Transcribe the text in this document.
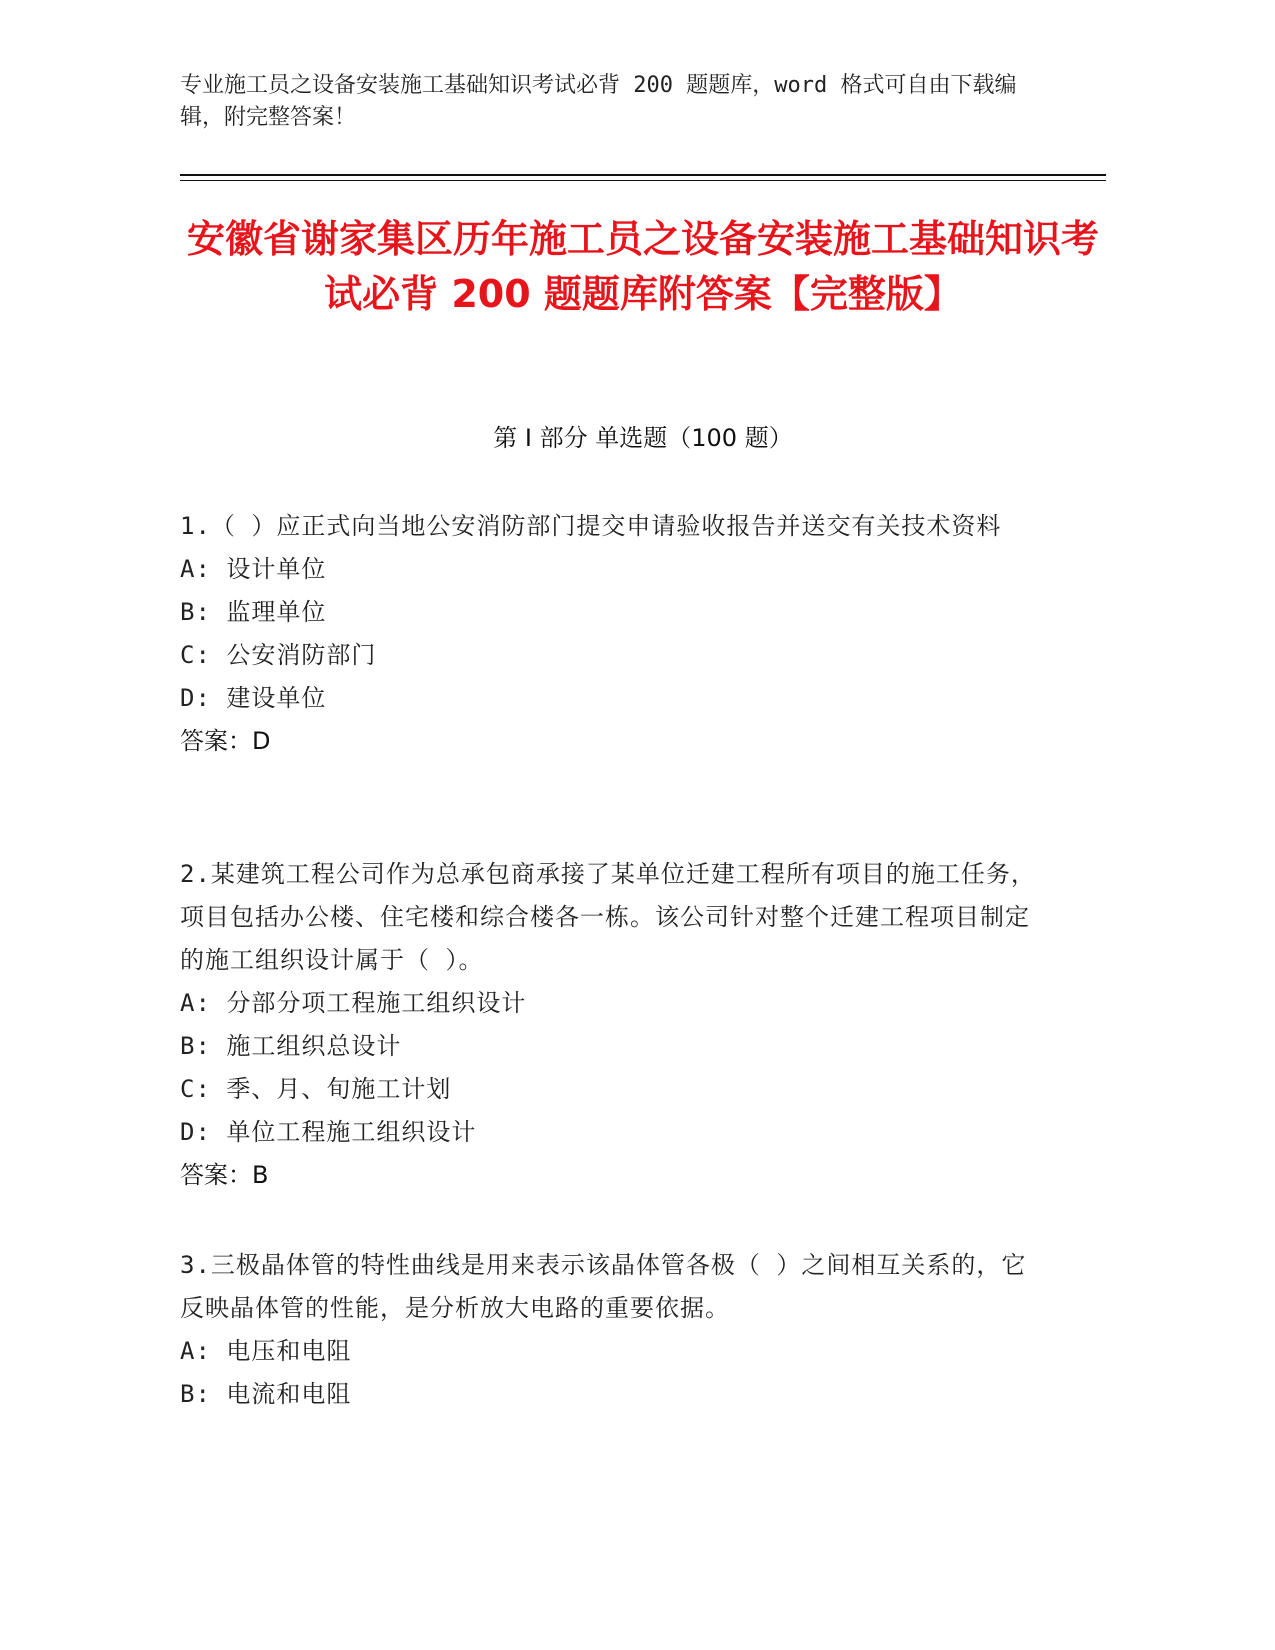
专业施工员之设备安装施工基础知识考试必背 200 题题库，word 格式可自由下载编辑，附完整答案！
安徽省谢家集区历年施工员之设备安装施工基础知识考试必背 200 题题库附答案【完整版】
第 I 部分 单选题（100 题）
1.（ ）应正式向当地公安消防部门提交申请验收报告并送交有关技术资料
A: 设计单位
B: 监理单位
C: 公安消防部门
D: 建设单位
答案：D
2.某建筑工程公司作为总承包商承接了某单位迁建工程所有项目的施工任务，项目包括办公楼、住宅楼和综合楼各一栋。该公司针对整个迁建工程项目制定的施工组织设计属于（ ）。
A: 分部分项工程施工组织设计
B: 施工组织总设计
C: 季、月、旬施工计划
D: 单位工程施工组织设计
答案：B
3.三极晶体管的特性曲线是用来表示该晶体管各极（ ）之间相互关系的，它反映晶体管的性能，是分析放大电路的重要依据。
A: 电压和电阻
B: 电流和电阻
